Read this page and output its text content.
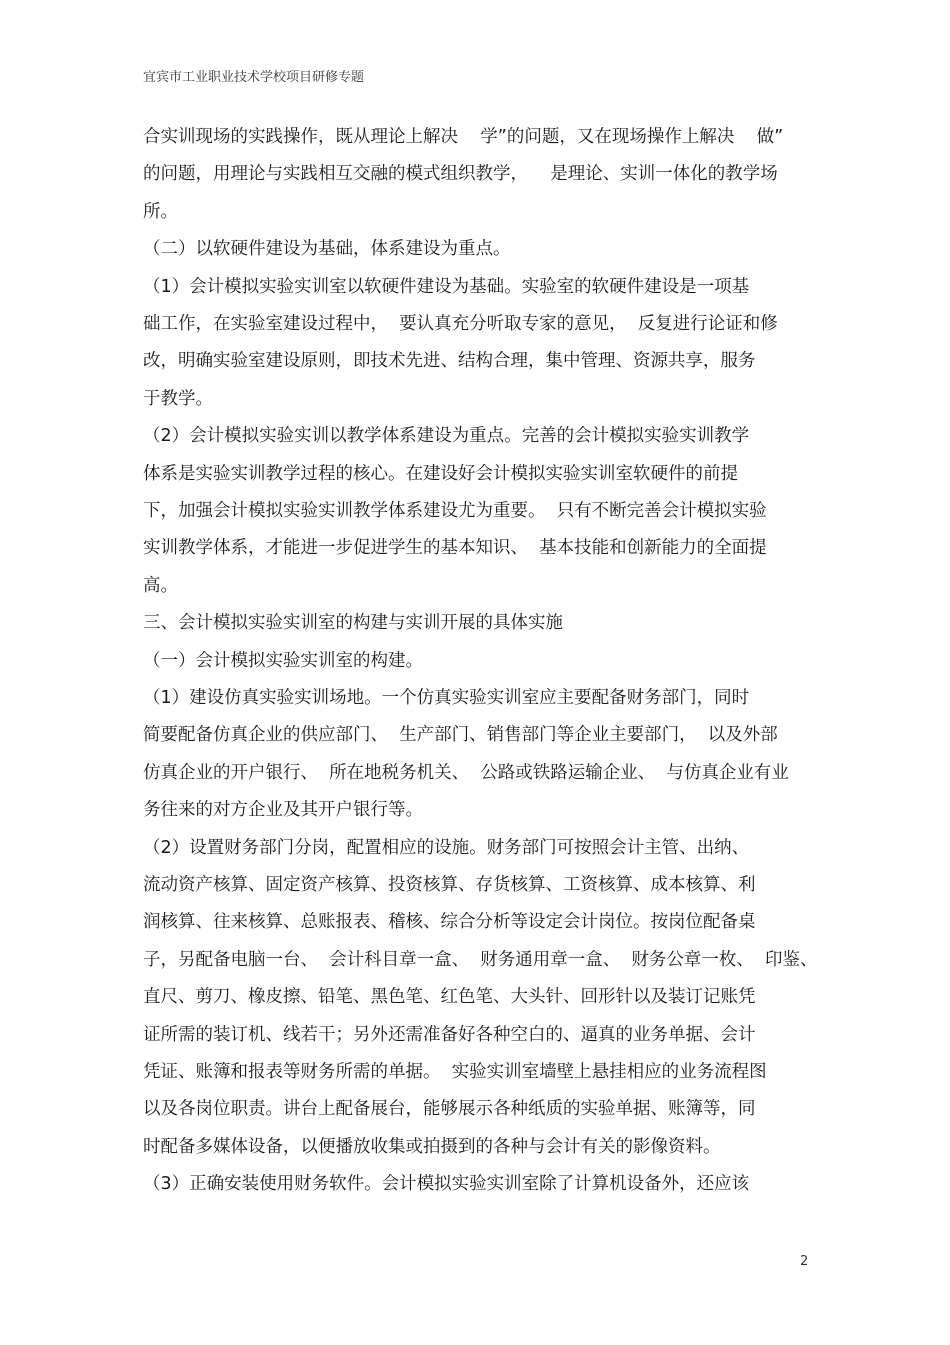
宜宾市工业职业技术学校项目研修专题
合实训现场的实践操作，既从理论上解决    学”的问题，又在现场操作上解决    做”
的问题，用理论与实践相互交融的模式组织教学，    是理论、实训一体化的教学场
所。
（二）以软硬件建设为基础，体系建设为重点。
（1）会计模拟实验实训室以软硬件建设为基础。实验室的软硬件建设是一项基
础工作，在实验室建设过程中，  要认真充分听取专家的意见，  反复进行论证和修
改，明确实验室建设原则，即技术先进、结构合理，集中管理、资源共享，服务
于教学。
（2）会计模拟实验实训以教学体系建设为重点。完善的会计模拟实验实训教学
体系是实验实训教学过程的核心。在建设好会计模拟实验实训室软硬件的前提
下，加强会计模拟实验实训教学体系建设尤为重要。  只有不断完善会计模拟实验
实训教学体系，才能进一步促进学生的基本知识、  基本技能和创新能力的全面提
高。
三、会计模拟实验实训室的构建与实训开展的具体实施
（一）会计模拟实验实训室的构建。
（1）建设仿真实验实训场地。一个仿真实验实训室应主要配备财务部门，同时
简要配备仿真企业的供应部门、  生产部门、销售部门等企业主要部门，  以及外部
仿真企业的开户银行、  所在地税务机关、  公路或铁路运输企业、  与仿真企业有业
务往来的对方企业及其开户银行等。
（2）设置财务部门分岗，配置相应的设施。财务部门可按照会计主管、出纳、
流动资产核算、固定资产核算、投资核算、存货核算、工资核算、成本核算、利
润核算、往来核算、总账报表、稽核、综合分析等设定会计岗位。按岗位配备桌
子，另配备电脑一台、  会计科目章一盒、  财务通用章一盒、  财务公章一枚、  印鉴、
直尺、剪刀、橡皮擦、铅笔、黑色笔、红色笔、大头针、回形针以及装订记账凭
证所需的装订机、线若干；另外还需准备好各种空白的、逼真的业务单据、会计
凭证、账簿和报表等财务所需的单据。  实验实训室墙壁上悬挂相应的业务流程图
以及各岗位职责。讲台上配备展台，能够展示各种纸质的实验单据、账簿等，同
时配备多媒体设备，以便播放收集或拍摄到的各种与会计有关的影像资料。
（3）正确安装使用财务软件。会计模拟实验实训室除了计算机设备外，还应该
2
